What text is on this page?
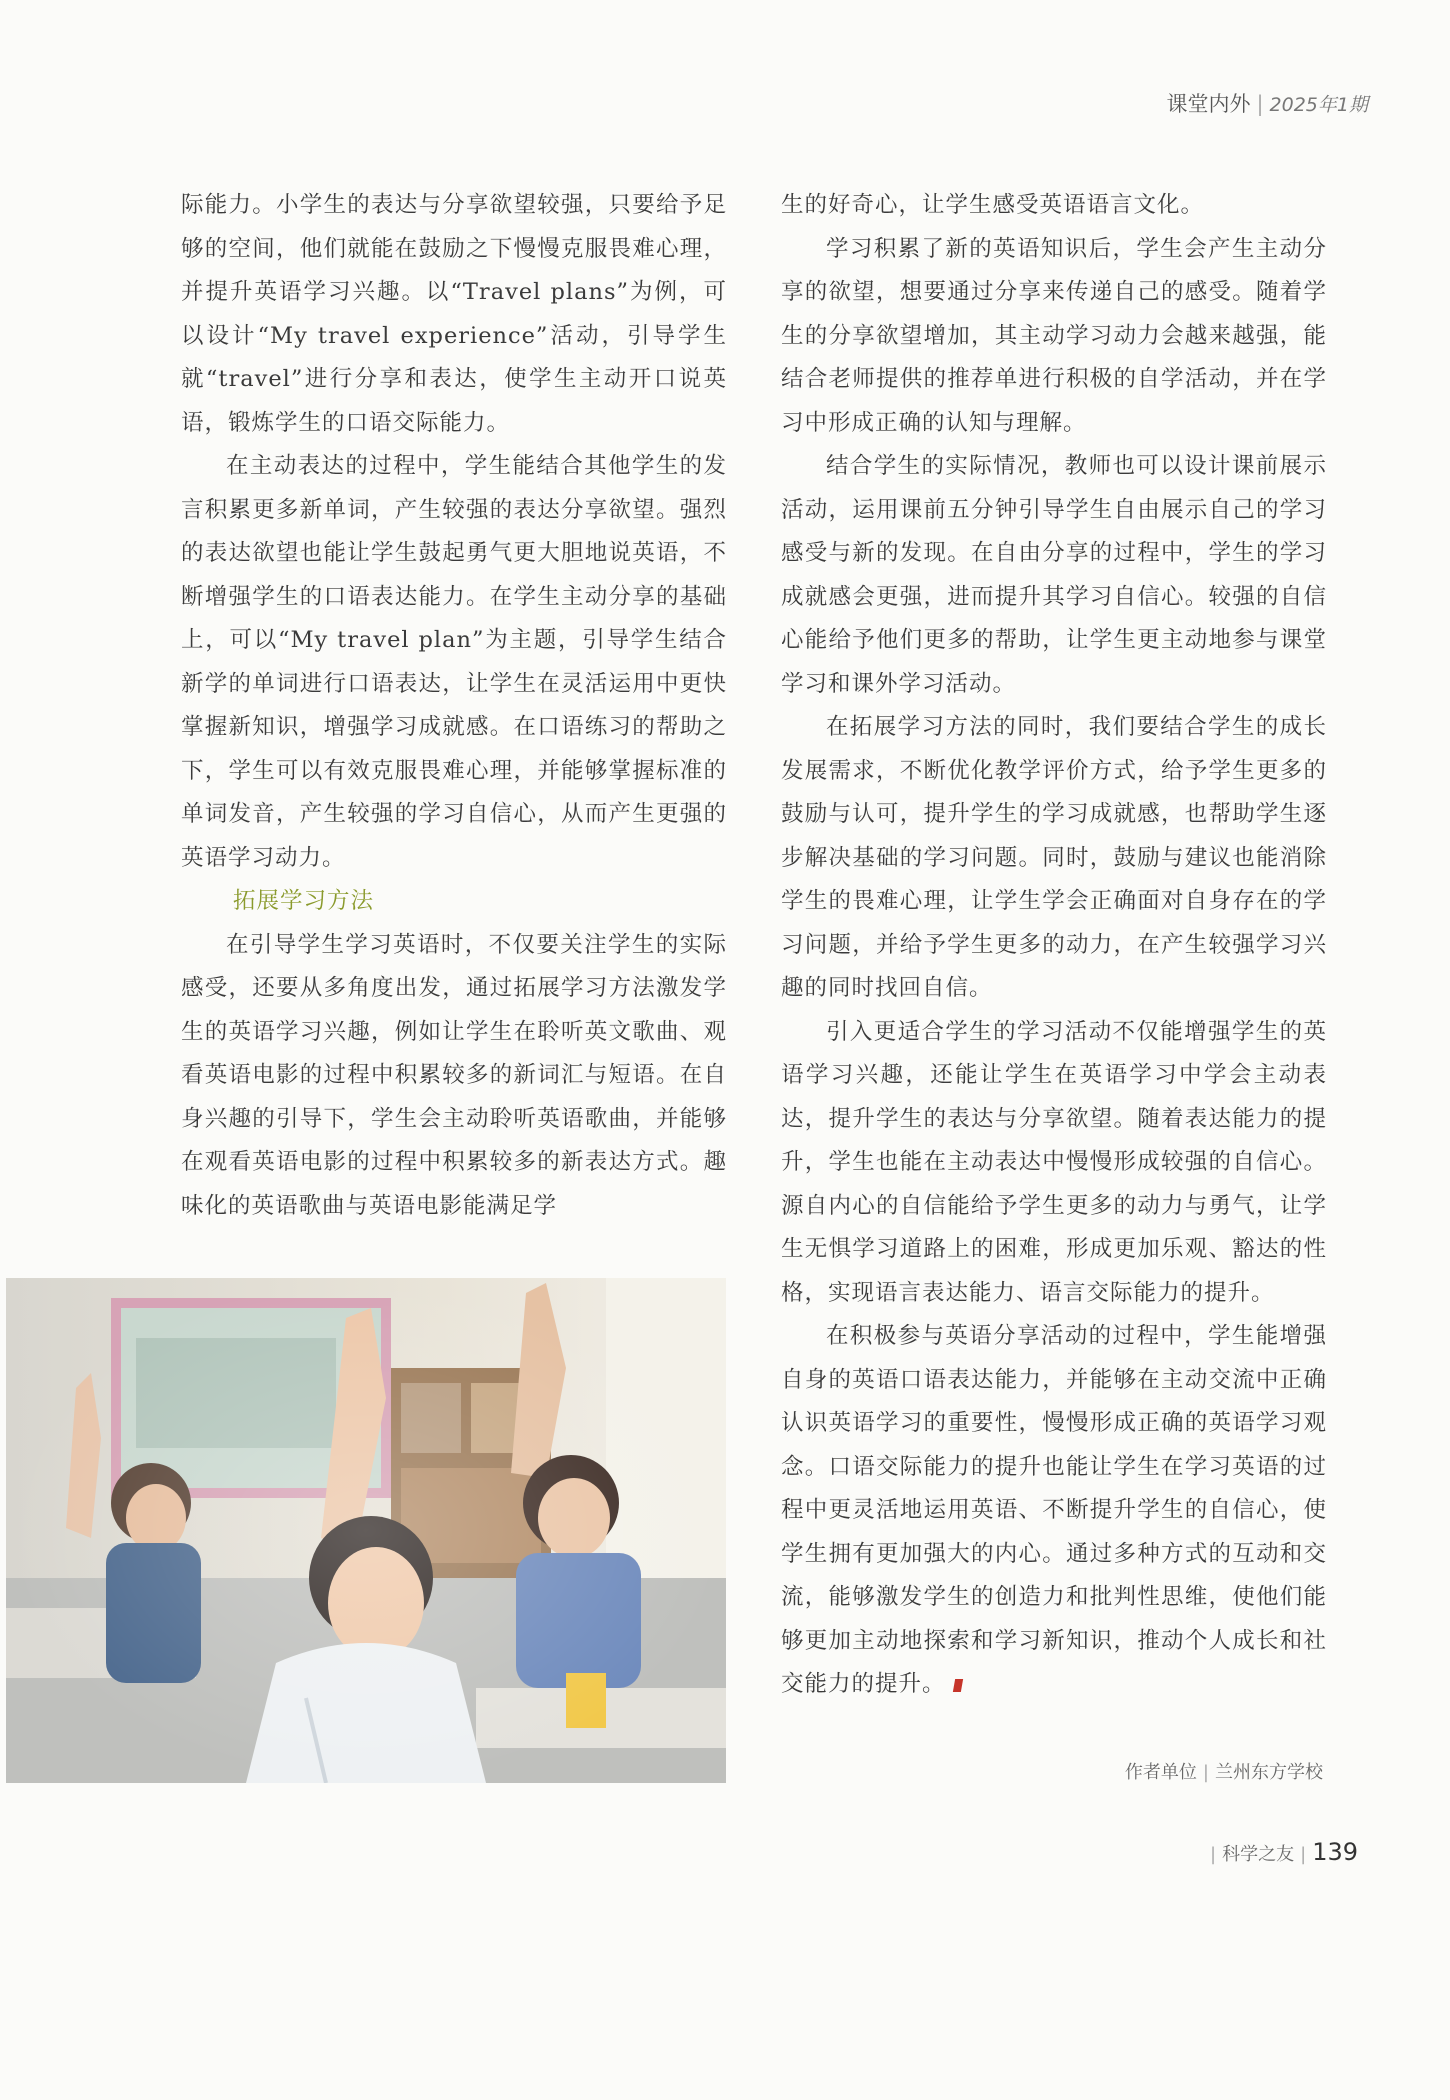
课堂内外 | 2025年1期

际能力。小学生的表达与分享欲望较强，只要给予足够的空间，他们就能在鼓励之下慢慢克服畏难心理，并提升英语学习兴趣。以“Travel plans”为例，可以设计“My travel experience”活动，引导学生就“travel”进行分享和表达，使学生主动开口说英语，锻炼学生的口语交际能力。

在主动表达的过程中，学生能结合其他学生的发言积累更多新单词，产生较强的表达分享欲望。强烈的表达欲望也能让学生鼓起勇气更大胆地说英语，不断增强学生的口语表达能力。在学生主动分享的基础上，可以“My travel plan”为主题，引导学生结合新学的单词进行口语表达，让学生在灵活运用中更快掌握新知识，增强学习成就感。在口语练习的帮助之下，学生可以有效克服畏难心理，并能够掌握标准的单词发音，产生较强的学习自信心，从而产生更强的英语学习动力。

拓展学习方法

在引导学生学习英语时，不仅要关注学生的实际感受，还要从多角度出发，通过拓展学习方法激发学生的英语学习兴趣，例如让学生在聆听英文歌曲、观看英语电影的过程中积累较多的新词汇与短语。在自身兴趣的引导下，学生会主动聆听英语歌曲，并能够在观看英语电影的过程中积累较多的新表达方式。趣味化的英语歌曲与英语电影能满足学

生的好奇心，让学生感受英语语言文化。

学习积累了新的英语知识后，学生会产生主动分享的欲望，想要通过分享来传递自己的感受。随着学生的分享欲望增加，其主动学习动力会越来越强，能结合老师提供的推荐单进行积极的自学活动，并在学习中形成正确的认知与理解。

结合学生的实际情况，教师也可以设计课前展示活动，运用课前五分钟引导学生自由展示自己的学习感受与新的发现。在自由分享的过程中，学生的学习成就感会更强，进而提升其学习自信心。较强的自信心能给予他们更多的帮助，让学生更主动地参与课堂学习和课外学习活动。

在拓展学习方法的同时，我们要结合学生的成长发展需求，不断优化教学评价方式，给予学生更多的鼓励与认可，提升学生的学习成就感，也帮助学生逐步解决基础的学习问题。同时，鼓励与建议也能消除学生的畏难心理，让学生学会正确面对自身存在的学习问题，并给予学生更多的动力，在产生较强学习兴趣的同时找回自信。

引入更适合学生的学习活动不仅能增强学生的英语学习兴趣，还能让学生在英语学习中学会主动表达，提升学生的表达与分享欲望。随着表达能力的提升，学生也能在主动表达中慢慢形成较强的自信心。源自内心的自信能给予学生更多的动力与勇气，让学生无惧学习道路上的困难，形成更加乐观、豁达的性格，实现语言表达能力、语言交际能力的提升。

在积极参与英语分享活动的过程中，学生能增强自身的英语口语表达能力，并能够在主动交流中正确认识英语学习的重要性，慢慢形成正确的英语学习观念。口语交际能力的提升也能让学生在学习英语的过程中更灵活地运用英语、不断提升学生的自信心，使学生拥有更加强大的内心。通过多种方式的互动和交流，能够激发学生的创造力和批判性思维，使他们能够更加主动地探索和学习新知识，推动个人成长和社交能力的提升。

作者单位 | 兰州东方学校
| 科学之友 | 139
